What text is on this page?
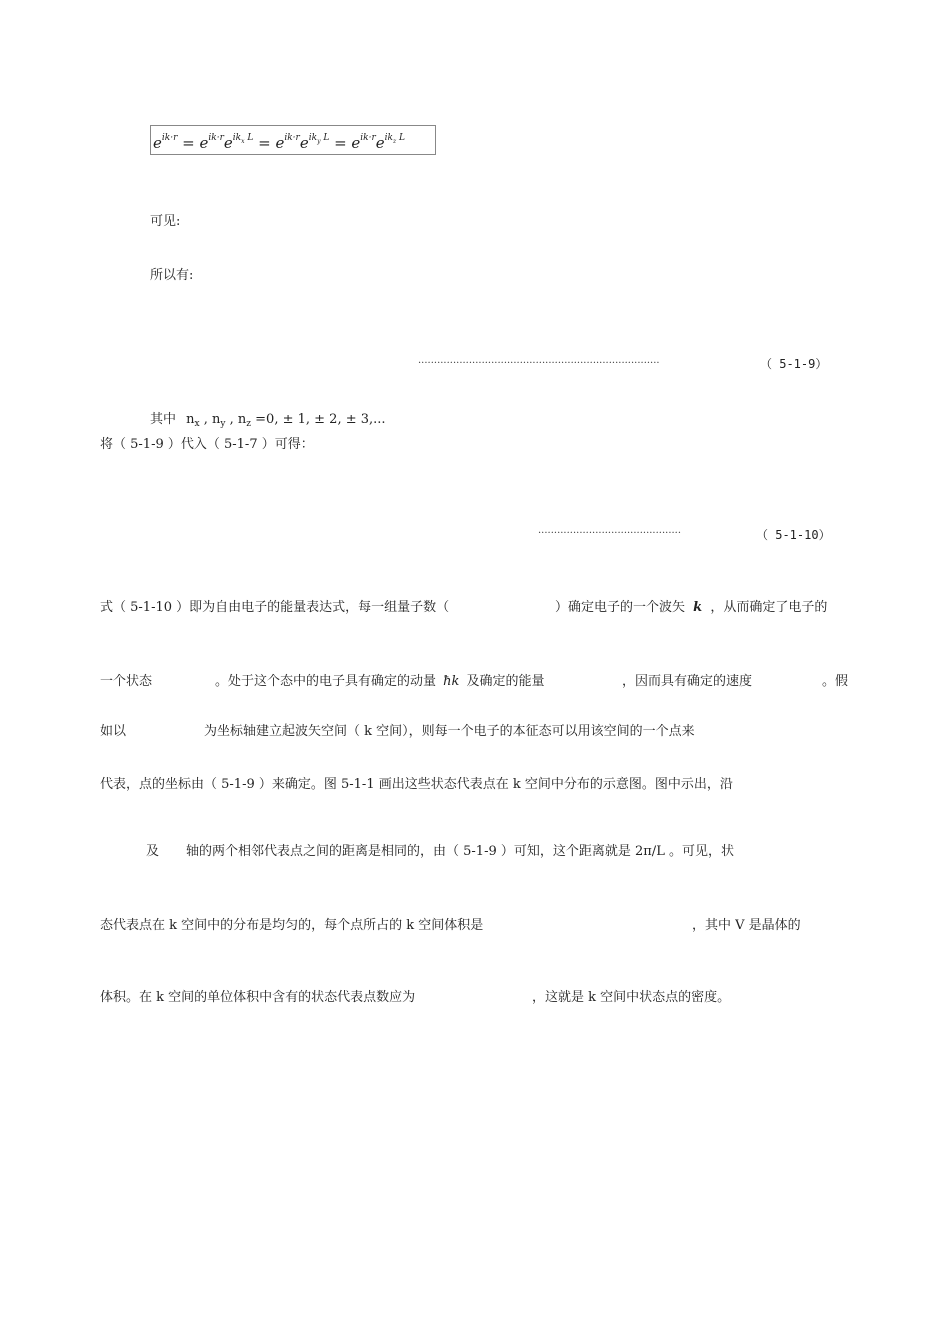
$e^{ik\cdot r} = e^{ik\cdot r}e^{ik}_x$ $^L = e^{ik\cdot r}e^{ik}_y$ $^L = e^{ik\cdot r}e^{ik}_z$ $^L$
可见:
所以有:
············································································	（ 5-1-9）
其中 $n_x$ , $n_y$ , $n_z =0$, ± 1, ± 2, ± 3,...
将（ 5-1-9 ）代入（ 5-1-7 ）可得：
·············································	（ 5-1-10）
式（ 5-1-10 ）即为自由电子的能量表达式，每一组量子数（	）确定电子的一个波矢 k ，从而确定了电子的
一个状态	。处于这个态中的电子具有确定的动量 ħk 及确定的能量	，因而具有确定的速度	。假
如以	为坐标轴建立起波矢空间（ k 空间），则每一个电子的本征态可以用该空间的一个点来
代表，点的坐标由（ 5-1-9 ）来确定。图 5-1-1 画出这些状态代表点在 k 空间中分布的示意图。图中示出，沿
及 轴的两个相邻代表点之间的距离是相同的，由（ 5-1-9 ）可知，这个距离就是 2π/L 。可见，状
态代表点在 k 空间中的分布是均匀的，每个点所占的 k 空间体积是	，其中 V 是晶体的
体积。在 k 空间的单位体积中含有的状态代表点数应为	，这就是 k 空间中状态点的密度。
